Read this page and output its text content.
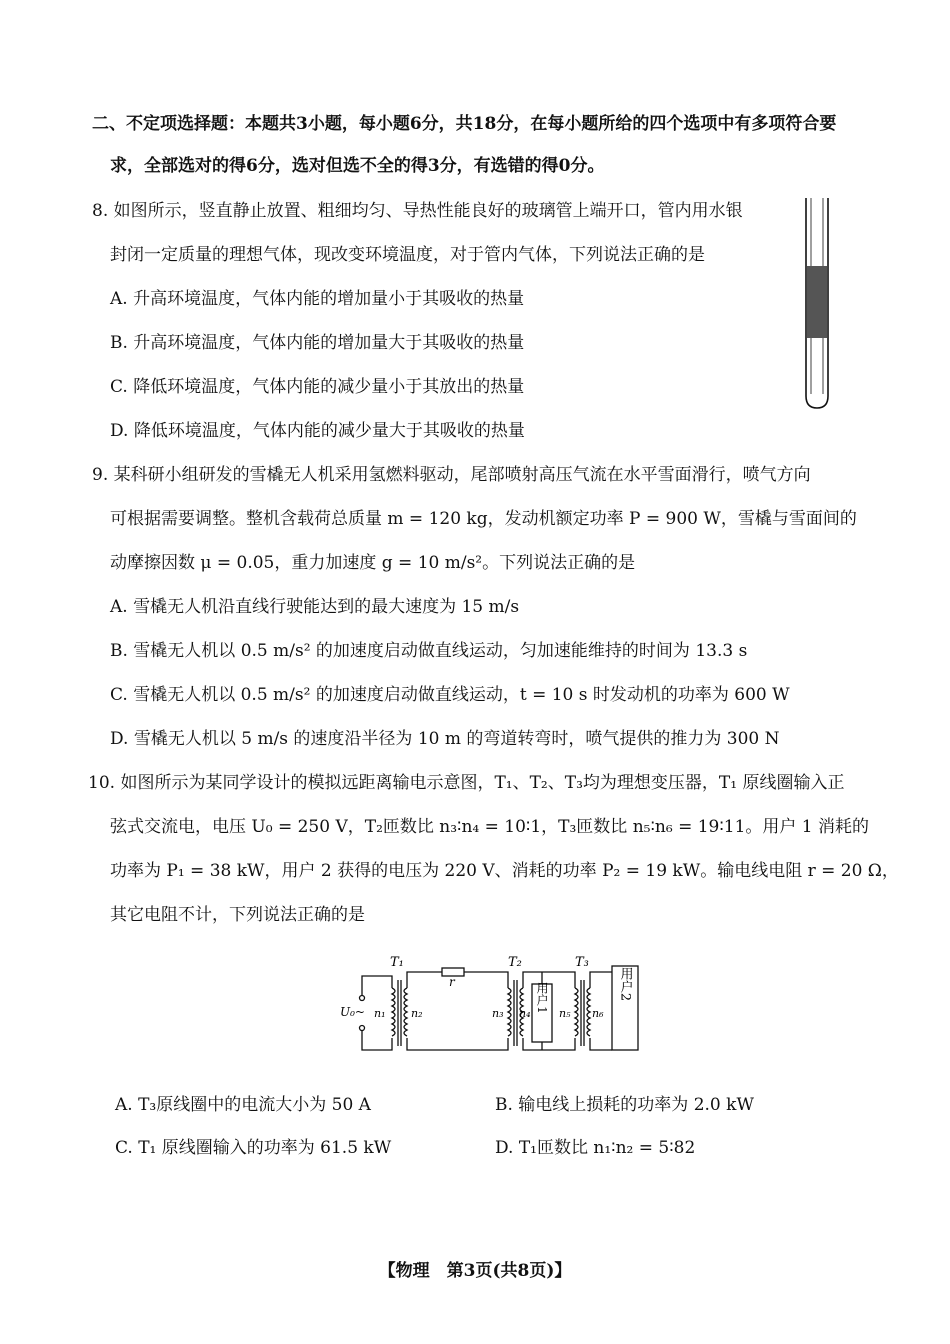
二、不定项选择题：本题共3小题，每小题6分，共18分，在每小题所给的四个选项中有多项符合要
求，全部选对的得6分，选对但选不全的得3分，有选错的得0分。
8. 如图所示，竖直静止放置、粗细均匀、导热性能良好的玻璃管上端开口，管内用水银
封闭一定质量的理想气体，现改变环境温度，对于管内气体，下列说法正确的是
A. 升高环境温度，气体内能的增加量小于其吸收的热量
B. 升高环境温度，气体内能的增加量大于其吸收的热量
C. 降低环境温度，气体内能的减少量小于其放出的热量
D. 降低环境温度，气体内能的减少量大于其吸收的热量
9. 某科研小组研发的雪橇无人机采用氢燃料驱动，尾部喷射高压气流在水平雪面滑行，喷气方向
可根据需要调整。整机含载荷总质量 m = 120 kg，发动机额定功率 P = 900 W，雪橇与雪面间的
动摩擦因数 μ = 0.05，重力加速度 g = 10 m/s²。下列说法正确的是
A. 雪橇无人机沿直线行驶能达到的最大速度为 15 m/s
B. 雪橇无人机以 0.5 m/s² 的加速度启动做直线运动，匀加速能维持的时间为 13.3 s
C. 雪橇无人机以 0.5 m/s² 的加速度启动做直线运动，t = 10 s 时发动机的功率为 600 W
D. 雪橇无人机以 5 m/s 的速度沿半径为 10 m 的弯道转弯时，喷气提供的推力为 300 N
10. 如图所示为某同学设计的模拟远距离输电示意图，T₁、T₂、T₃均为理想变压器，T₁ 原线圈输入正
弦式交流电，电压 U₀ = 250 V，T₂匝数比 n₃∶n₄ = 10∶1，T₃匝数比 n₅∶n₆ = 19∶11。用户 1 消耗的
功率为 P₁ = 38 kW，用户 2 获得的电压为 220 V、消耗的功率 P₂ = 19 kW。输电线电阻 r = 20 Ω，
其它电阻不计，下列说法正确的是
T₁	T₂	T₃
r
U₀~ n₁ n₂	n₃ n₄	n₅ n₆
用户1	用户2
A. T₃原线圈中的电流大小为 50 A	B. 输电线上损耗的功率为 2.0 kW
C. T₁ 原线圈输入的功率为 61.5 kW	D. T₁匝数比 n₁∶n₂ = 5∶82
【物理　第3页(共8页)】
